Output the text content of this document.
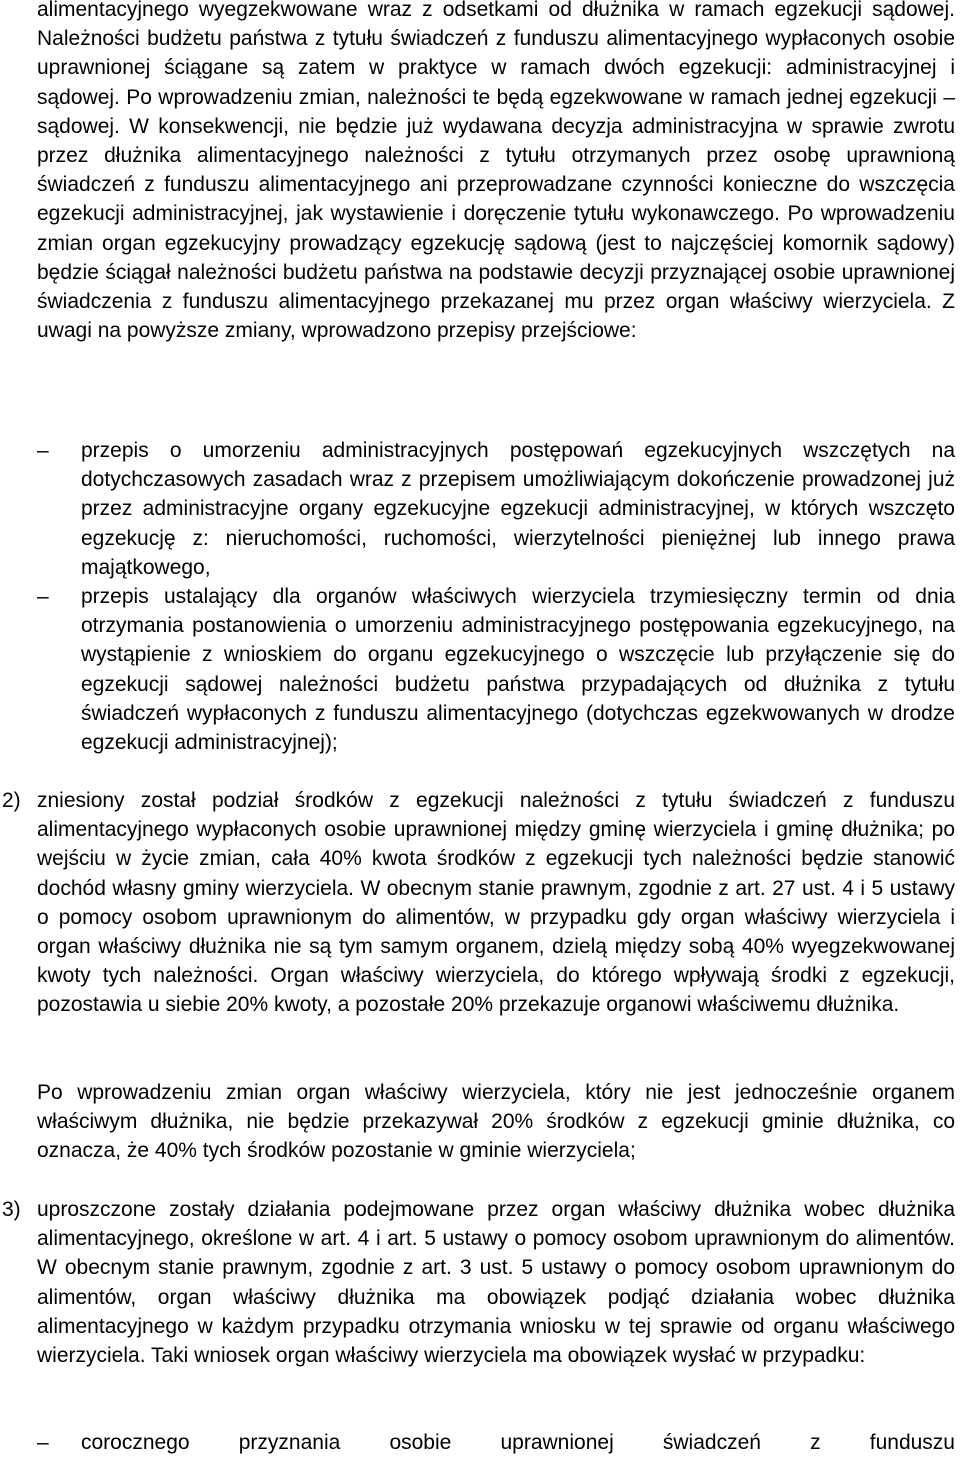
alimentacyjnego wyegzekwowane wraz z odsetkami od dłużnika w ramach egzekucji sądowej. Należności budżetu państwa z tytułu świadczeń z funduszu alimentacyjnego wypłaconych osobie uprawnionej ściągane są zatem w praktyce w ramach dwóch egzekucji: administracyjnej i sądowej. Po wprowadzeniu zmian, należności te będą egzekwowane w ramach jednej egzekucji – sądowej. W konsekwencji, nie będzie już wydawana decyzja administracyjna w sprawie zwrotu przez dłużnika alimentacyjnego należności z tytułu otrzymanych przez osobę uprawnioną świadczeń z funduszu alimentacyjnego ani przeprowadzane czynności konieczne do wszczęcia egzekucji administracyjnej, jak wystawienie i doręczenie tytułu wykonawczego. Po wprowadzeniu zmian organ egzekucyjny prowadzący egzekucję sądową (jest to najczęściej komornik sądowy) będzie ściągał należności budżetu państwa na podstawie decyzji przyznającej osobie uprawnionej świadczenia z funduszu alimentacyjnego przekazanej mu przez organ właściwy wierzyciela. Z uwagi na powyższe zmiany, wprowadzono przepisy przejściowe:

– przepis o umorzeniu administracyjnych postępowań egzekucyjnych wszczętych na dotychczasowych zasadach wraz z przepisem umożliwiającym dokończenie prowadzonej już przez administracyjne organy egzekucyjne egzekucji administracyjnej, w których wszczęto egzekucję z: nieruchomości, ruchomości, wierzytelności pieniężnej lub innego prawa majątkowego,

– przepis ustalający dla organów właściwych wierzyciela trzymiesięczny termin od dnia otrzymania postanowienia o umorzeniu administracyjnego postępowania egzekucyjnego, na wystąpienie z wnioskiem do organu egzekucyjnego o wszczęcie lub przyłączenie się do egzekucji sądowej należności budżetu państwa przypadających od dłużnika z tytułu świadczeń wypłaconych z funduszu alimentacyjnego (dotychczas egzekwowanych w drodze egzekucji administracyjnej);

2) zniesiony został podział środków z egzekucji należności z tytułu świadczeń z funduszu alimentacyjnego wypłaconych osobie uprawnionej między gminę wierzyciela i gminę dłużnika; po wejściu w życie zmian, cała 40% kwota środków z egzekucji tych należności będzie stanowić dochód własny gminy wierzyciela. W obecnym stanie prawnym, zgodnie z art. 27 ust. 4 i 5 ustawy o pomocy osobom uprawnionym do alimentów, w przypadku gdy organ właściwy wierzyciela i organ właściwy dłużnika nie są tym samym organem, dzielą między sobą 40% wyegzekwowanej kwoty tych należności. Organ właściwy wierzyciela, do którego wpływają środki z egzekucji, pozostawia u siebie 20% kwoty, a pozostałe 20% przekazuje organowi właściwemu dłużnika.

Po wprowadzeniu zmian organ właściwy wierzyciela, który nie jest jednocześnie organem właściwym dłużnika, nie będzie przekazywał 20% środków z egzekucji gminie dłużnika, co oznacza, że 40% tych środków pozostanie w gminie wierzyciela;

3) uproszczone zostały działania podejmowane przez organ właściwy dłużnika wobec dłużnika alimentacyjnego, określone w art. 4 i art. 5 ustawy o pomocy osobom uprawnionym do alimentów. W obecnym stanie prawnym, zgodnie z art. 3 ust. 5 ustawy o pomocy osobom uprawnionym do alimentów, organ właściwy dłużnika ma obowiązek podjąć działania wobec dłużnika alimentacyjnego w każdym przypadku otrzymania wniosku w tej sprawie od organu właściwego wierzyciela. Taki wniosek organ właściwy wierzyciela ma obowiązek wysłać w przypadku:

– corocznego przyznania osobie uprawnionej świadczeń z funduszu
